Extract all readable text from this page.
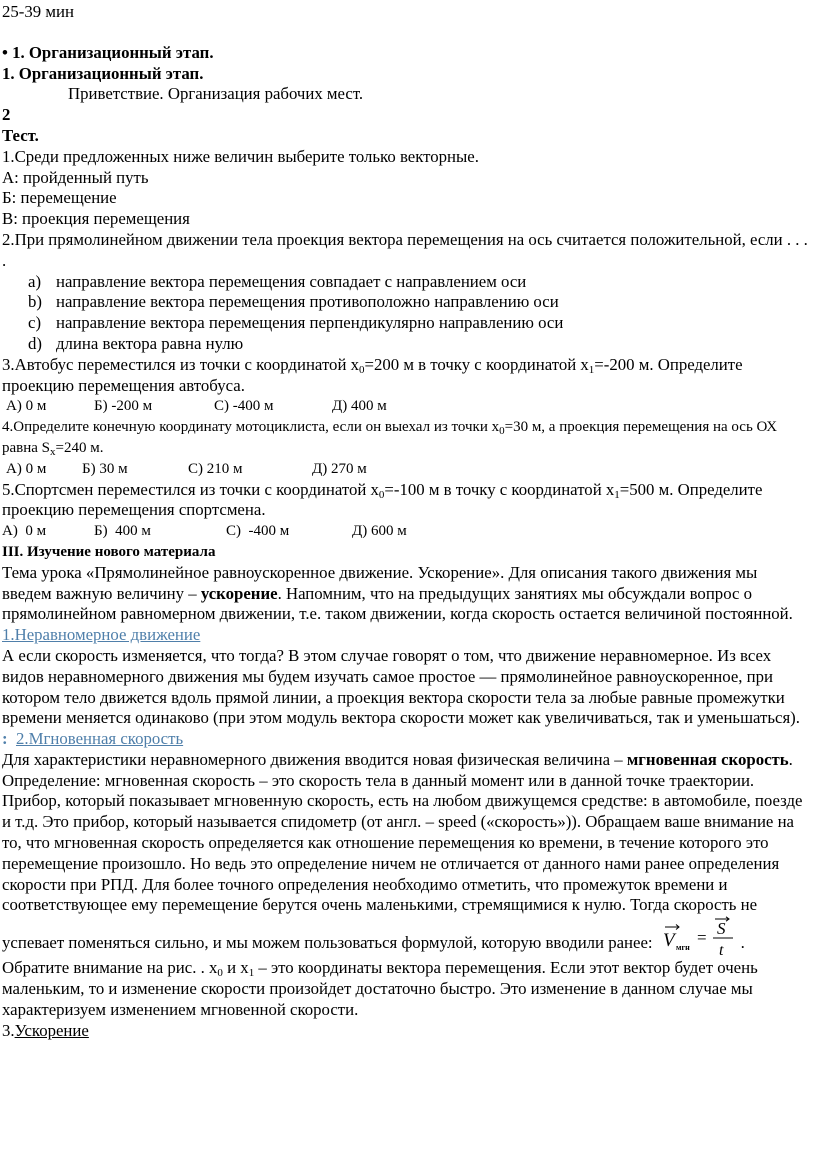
25-39 мин

• 1. Организационный этап.

1. Организационный этап.

Приветствие. Организация рабочих мест.

2

Тест.

1.Среди предложенных ниже величин выберите только векторные.

А: пройденный путь

Б: перемещение

В: проекция перемещения

2.При прямолинейном движении тела проекция вектора перемещения на ось считается положительной, если . . . .

a) направление вектора перемещения совпадает с направлением оси
b) направление вектора перемещения противоположно направлению оси
c) направление вектора перемещения перпендикулярно направлению оси
d) длина вектора равна нулю

3.Автобус переместился из точки с координатой $х_0=200$ м в точку с координатой $х_1=-200$ м. Определите проекцию перемещения автобуса.

А) 0 м	Б) -200 м	С) -400 м	Д) 400 м

4.Определите конечную координату мотоциклиста, если он выехал из точки $х_0=30$ м, а проекция перемещения на ось ОХ равна $S_х=240$ м.

А) 0 м	Б) 30 м	С) 210 м	Д) 270 м

5.Спортсмен переместился из точки с координатой $х_0=-100$ м в точку с координатой $х_1=500$ м. Определите проекцию перемещения спортсмена.

А)  0 м	Б)  400 м	С)  -400 м	Д) 600 м

III. Изучение нового материала

Тема урока «Прямолинейное равноускоренное движение. Ускорение». Для описания такого движения мы введем важную величину – ускорение. Напомним, что на предыдущих занятиях мы обсуждали вопрос о прямолинейном равномерном движении, т.е. таком движении, когда скорость остается величиной постоянной.

1.Неравномерное движение

А если скорость изменяется, что тогда? В этом случае говорят о том, что движение неравномерное. Из всех видов неравномерного движения мы будем изучать самое простое — прямолинейное равноускоренное, при котором тело движется вдоль прямой линии, а проекция вектора скорости тела за любые равные промежутки времени меняется одинаково (при этом модуль вектора скорости может как увеличиваться, так и уменьшаться).

: 2.Мгновенная скорость

Для характеристики неравномерного движения вводится новая физическая величина – мгновенная скорость.

Определение: мгновенная скорость – это скорость тела в данный момент или в данной точке траектории.

Прибор, который показывает мгновенную скорость, есть на любом движущемся средстве: в автомобиле, поезде и т.д. Это прибор, который называется спидометр (от англ. – speed («скорость»)). Обращаем ваше внимание на то, что мгновенная скорость определяется как отношение перемещения ко времени, в течение которого это перемещение произошло. Но ведь это определение ничем не отличается от данного нами ранее определения скорости при РПД. Для более точного определения необходимо отметить, что промежуток времени и соответствующее ему перемещение берутся очень маленькими, стремящимися к нулю. Тогда скорость не успевает поменяться сильно, и мы можем пользоваться формулой, которую вводили ранее: V мгн
= S
t .

Обратите внимание на рис. . $x_0$ и $x_1$ – это координаты вектора перемещения. Если этот вектор будет очень маленьким, то и изменение скорости произойдет достаточно быстро. Это изменение в данном случае мы характеризуем изменением мгновенной скорости.

3.Ускорение
